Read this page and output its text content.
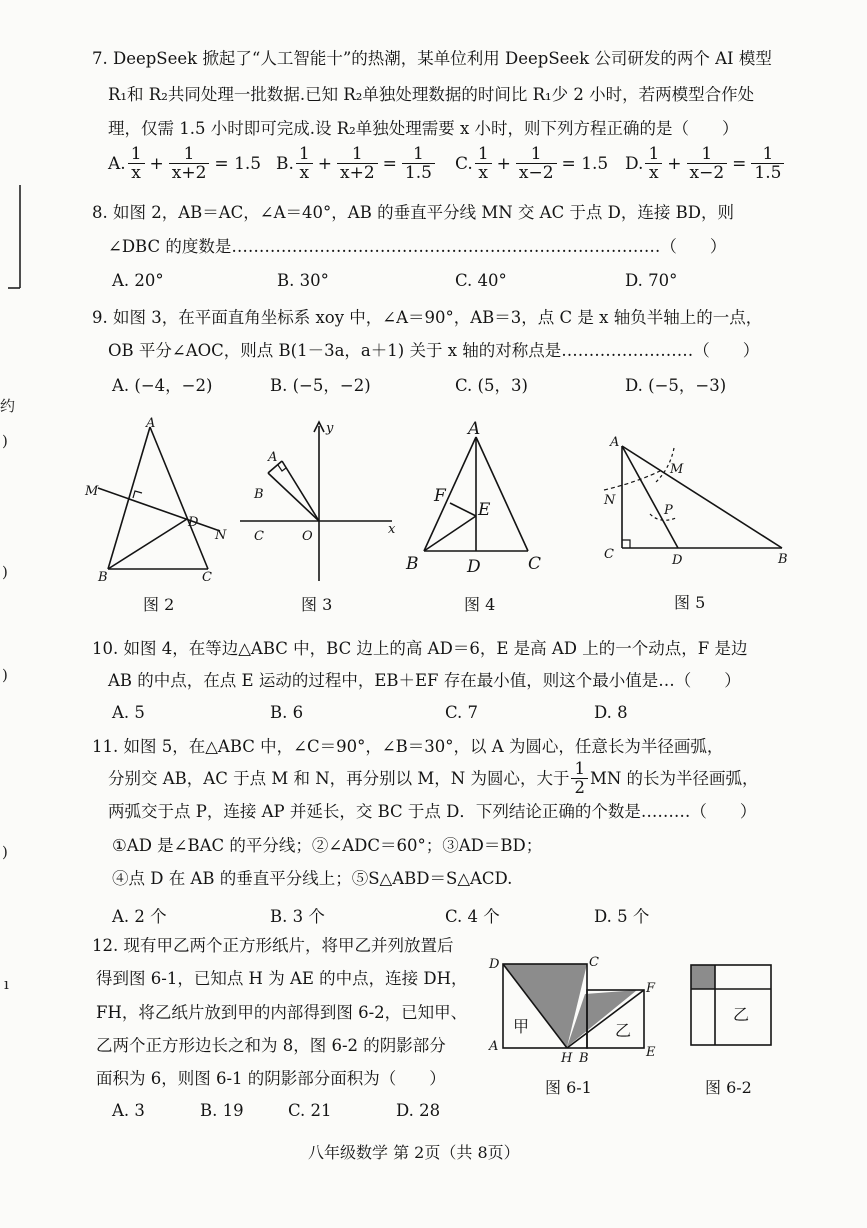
约
)
)
)
)
ı
7. DeepSeek 掀起了“人工智能十”的热潮，某单位利用 DeepSeek 公司研发的两个 AI 模型
R₁和 R₂共同处理一批数据.已知 R₂单独处理数据的时间比 R₁少 2 小时，若两模型合作处
理，仅需 1.5 小时即可完成.设 R₂单独处理需要 x 小时，则下列方程正确的是（　　）
A. $\frac{1}{x} + \frac{1}{x+2} = 1.5$ B. $\frac{1}{x} + \frac{1}{x+2} = \frac{1}{1.5} C$. $\frac{1}{x} + \frac{1}{x-2} = 1.5$ D. $\frac{1}{x} + \frac{1}{x-2} = \frac{1}{1.5}$
8. 如图 2，AB＝AC，∠A＝40°，AB 的垂直平分线 MN 交 AC 于点 D，连接 BD，则
∠DBC 的度数是……………………………………………………………………（　　）
A. 20°	B. 30°	C. 40°	D. 70°
9. 如图 3，在平面直角坐标系 xoy 中，∠A＝90°，AB＝3，点 C 是 x 轴负半轴上的一点，
OB 平分∠AOC，则点 B(1－3a，a＋1) 关于 x 轴的对称点是……………………（　　）
A. (−4，−2)	B. (−5，−2)	C. (5，3)	D. (−5，−3)
A
B	C
D
M
N
图 2
A
B
C	O	x
y
图 3
A
B	C
D
E
F
图 4
A
B
C	D
M
N
P
图 5
10. 如图 4，在等边△ABC 中，BC 边上的高 AD＝6，E 是高 AD 上的一个动点，F 是边
AB 的中点，在点 E 运动的过程中，EB＋EF 存在最小值，则这个最小值是…（　　）
A. 5	B. 6	C. 7	D. 8
11. 如图 5，在△ABC 中，∠C＝90°，∠B＝30°，以 A 为圆心，任意长为半径画弧，
分别交 AB，AC 于点 M 和 N，再分别以 M，N 为圆心，大于 $\frac{1}{2}$ MN 的长为半径画弧，
两弧交于点 P，连接 AP 并延长，交 BC 于点 D．下列结论正确的个数是………（　　）
①AD 是∠BAC 的平分线；②∠ADC＝60°；③AD＝BD；
④点 D 在 AB 的垂直平分线上；⑤S△ABD＝S△ACD.
A. 2 个	B. 3 个	C. 4 个	D. 5 个
12. 现有甲乙两个正方形纸片，将甲乙并列放置后
得到图 6-1，已知点 H 为 AE 的中点，连接 DH，
FH，将乙纸片放到甲的内部得到图 6-2，已知甲、
乙两个正方形边长之和为 8，图 6-2 的阴影部分
面积为 6，则图 6-1 的阴影部分面积为（　　）
A. 3	B. 19	C. 21	D. 28
D	C
F
A
H B	E
甲	乙
图 6-1
乙
图 6-2
八年级数学 第 2页（共 8页）
